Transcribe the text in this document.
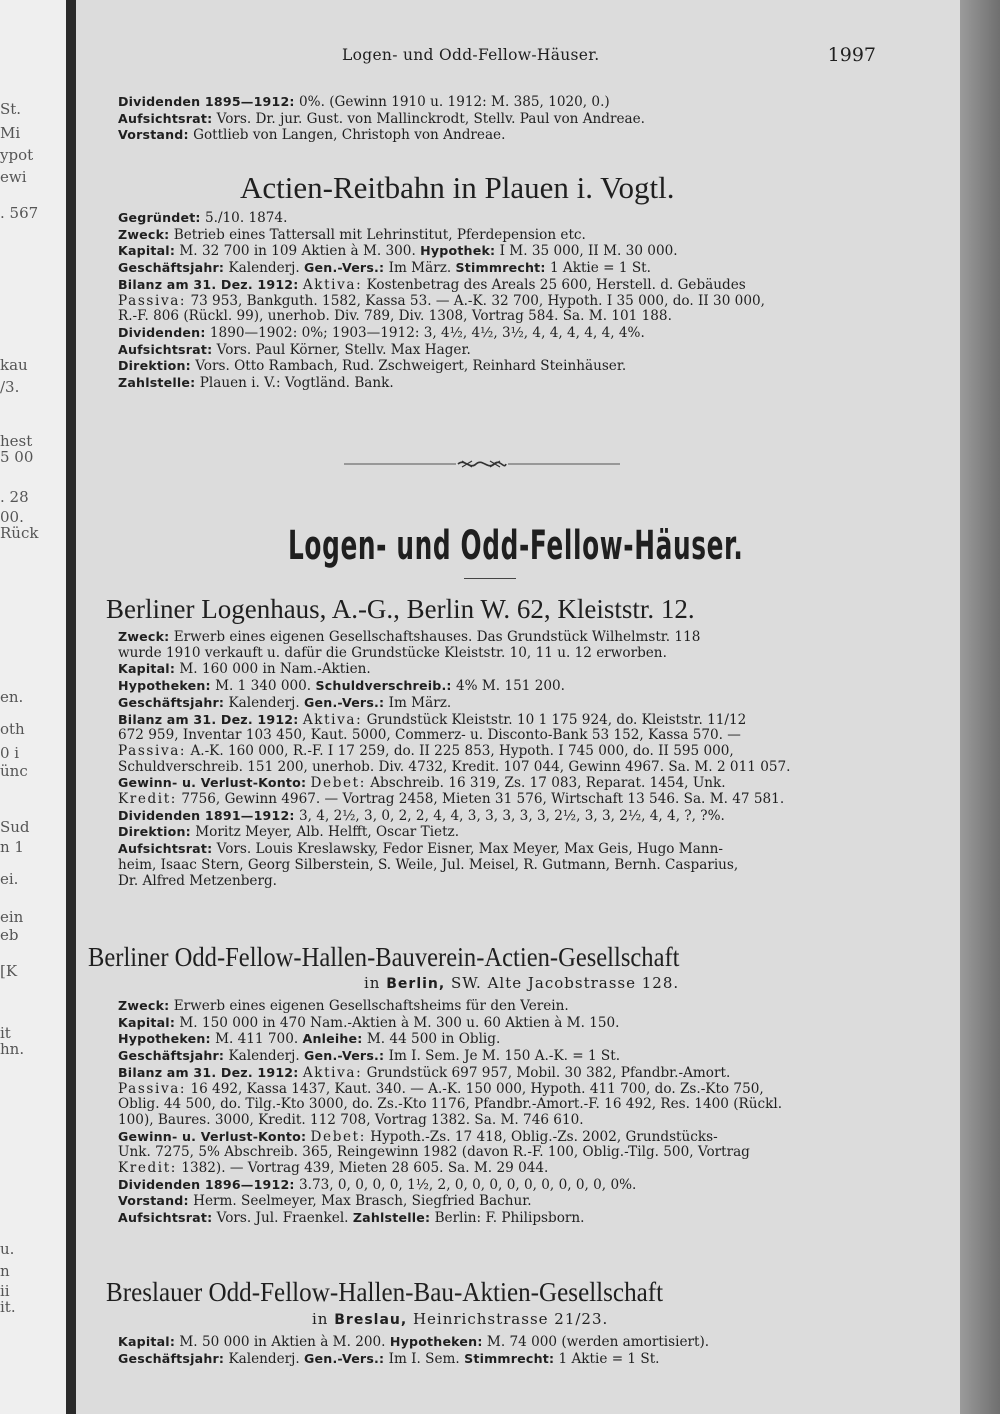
St.
Mi
ypot
ewi
. 567
kau
/3.
hest
5 00
. 28
00.
Rück
en.
oth
0 i
ünc
Sud
n 1
ei.
ein
eb
[K
it
hn.
u.
n
ii
it.
Logen- und Odd-Fellow-Häuser.	1997
Dividenden 1895—1912: 0%. (Gewinn 1910 u. 1912: M. 385, 1020, 0.)
Aufsichtsrat: Vors. Dr. jur. Gust. von Mallinckrodt, Stellv. Paul von Andreae.
Vorstand: Gottlieb von Langen, Christoph von Andreae.
Actien-Reitbahn in Plauen i. Vogtl.
Gegründet: 5./10. 1874.
Zweck: Betrieb eines Tattersall mit Lehrinstitut, Pferdepension etc.
Kapital: M. 32 700 in 109 Aktien à M. 300. Hypothek: I M. 35 000, II M. 30 000.
Geschäftsjahr: Kalenderj. Gen.-Vers.: Im März. Stimmrecht: 1 Aktie = 1 St.
Bilanz am 31. Dez. 1912: Aktiva: Kostenbetrag des Areals 25 600, Herstell. d. Gebäudes
Passiva: 73 953, Bankguth. 1582, Kassa 53. — A.-K. 32 700, Hypoth. I 35 000, do. II 30 000,
R.-F. 806 (Rückl. 99), unerhob. Div. 789, Div. 1308, Vortrag 584. Sa. M. 101 188.
Dividenden: 1890—1902: 0%; 1903—1912: 3, 4½, 4½, 3½, 4, 4, 4, 4, 4, 4%.
Aufsichtsrat: Vors. Paul Körner, Stellv. Max Hager.
Direktion: Vors. Otto Rambach, Rud. Zschweigert, Reinhard Steinhäuser.
Zahlstelle: Plauen i. V.: Vogtländ. Bank.
Logen- und Odd-Fellow-Häuser.
Berliner Logenhaus, A.-G., Berlin W. 62, Kleiststr. 12.
Zweck: Erwerb eines eigenen Gesellschaftshauses. Das Grundstück Wilhelmstr. 118
wurde 1910 verkauft u. dafür die Grundstücke Kleiststr. 10, 11 u. 12 erworben.
Kapital: M. 160 000 in Nam.-Aktien.
Hypotheken: M. 1 340 000. Schuldverschreib.: 4% M. 151 200.
Geschäftsjahr: Kalenderj. Gen.-Vers.: Im März.
Bilanz am 31. Dez. 1912: Aktiva: Grundstück Kleiststr. 10 1 175 924, do. Kleiststr. 11/12
672 959, Inventar 103 450, Kaut. 5000, Commerz- u. Disconto-Bank 53 152, Kassa 570. —
Passiva: A.-K. 160 000, R.-F. I 17 259, do. II 225 853, Hypoth. I 745 000, do. II 595 000,
Schuldverschreib. 151 200, unerhob. Div. 4732, Kredit. 107 044, Gewinn 4967. Sa. M. 2 011 057.
Gewinn- u. Verlust-Konto: Debet: Abschreib. 16 319, Zs. 17 083, Reparat. 1454, Unk.
Kredit: 7756, Gewinn 4967. — Vortrag 2458, Mieten 31 576, Wirtschaft 13 546. Sa. M. 47 581.
Dividenden 1891—1912: 3, 4, 2½, 3, 0, 2, 2, 4, 4, 3, 3, 3, 3, 3, 2½, 3, 3, 2½, 4, 4, ?, ?%.
Direktion: Moritz Meyer, Alb. Helfft, Oscar Tietz.
Aufsichtsrat: Vors. Louis Kreslawsky, Fedor Eisner, Max Meyer, Max Geis, Hugo Mann-
heim, Isaac Stern, Georg Silberstein, S. Weile, Jul. Meisel, R. Gutmann, Bernh. Casparius,
Dr. Alfred Metzenberg.
Berliner Odd-Fellow-Hallen-Bauverein-Actien-Gesellschaft
in Berlin, SW. Alte Jacobstrasse 128.
Zweck: Erwerb eines eigenen Gesellschaftsheims für den Verein.
Kapital: M. 150 000 in 470 Nam.-Aktien à M. 300 u. 60 Aktien à M. 150.
Hypotheken: M. 411 700. Anleihe: M. 44 500 in Oblig.
Geschäftsjahr: Kalenderj. Gen.-Vers.: Im I. Sem. Je M. 150 A.-K. = 1 St.
Bilanz am 31. Dez. 1912: Aktiva: Grundstück 697 957, Mobil. 30 382, Pfandbr.-Amort.
Passiva: 16 492, Kassa 1437, Kaut. 340. — A.-K. 150 000, Hypoth. 411 700, do. Zs.-Kto 750,
Oblig. 44 500, do. Tilg.-Kto 3000, do. Zs.-Kto 1176, Pfandbr.-Amort.-F. 16 492, Res. 1400 (Rückl.
100), Baures. 3000, Kredit. 112 708, Vortrag 1382. Sa. M. 746 610.
Gewinn- u. Verlust-Konto: Debet: Hypoth.-Zs. 17 418, Oblig.-Zs. 2002, Grundstücks-
Unk. 7275, 5% Abschreib. 365, Reingewinn 1982 (davon R.-F. 100, Oblig.-Tilg. 500, Vortrag
Kredit: 1382). — Vortrag 439, Mieten 28 605. Sa. M. 29 044.
Dividenden 1896—1912: 3.73, 0, 0, 0, 0, 1½, 2, 0, 0, 0, 0, 0, 0, 0, 0, 0, 0%.
Vorstand: Herm. Seelmeyer, Max Brasch, Siegfried Bachur.
Aufsichtsrat: Vors. Jul. Fraenkel. Zahlstelle: Berlin: F. Philipsborn.
Breslauer Odd-Fellow-Hallen-Bau-Aktien-Gesellschaft
in Breslau, Heinrichstrasse 21/23.
Kapital: M. 50 000 in Aktien à M. 200. Hypotheken: M. 74 000 (werden amortisiert).
Geschäftsjahr: Kalenderj. Gen.-Vers.: Im I. Sem. Stimmrecht: 1 Aktie = 1 St.
